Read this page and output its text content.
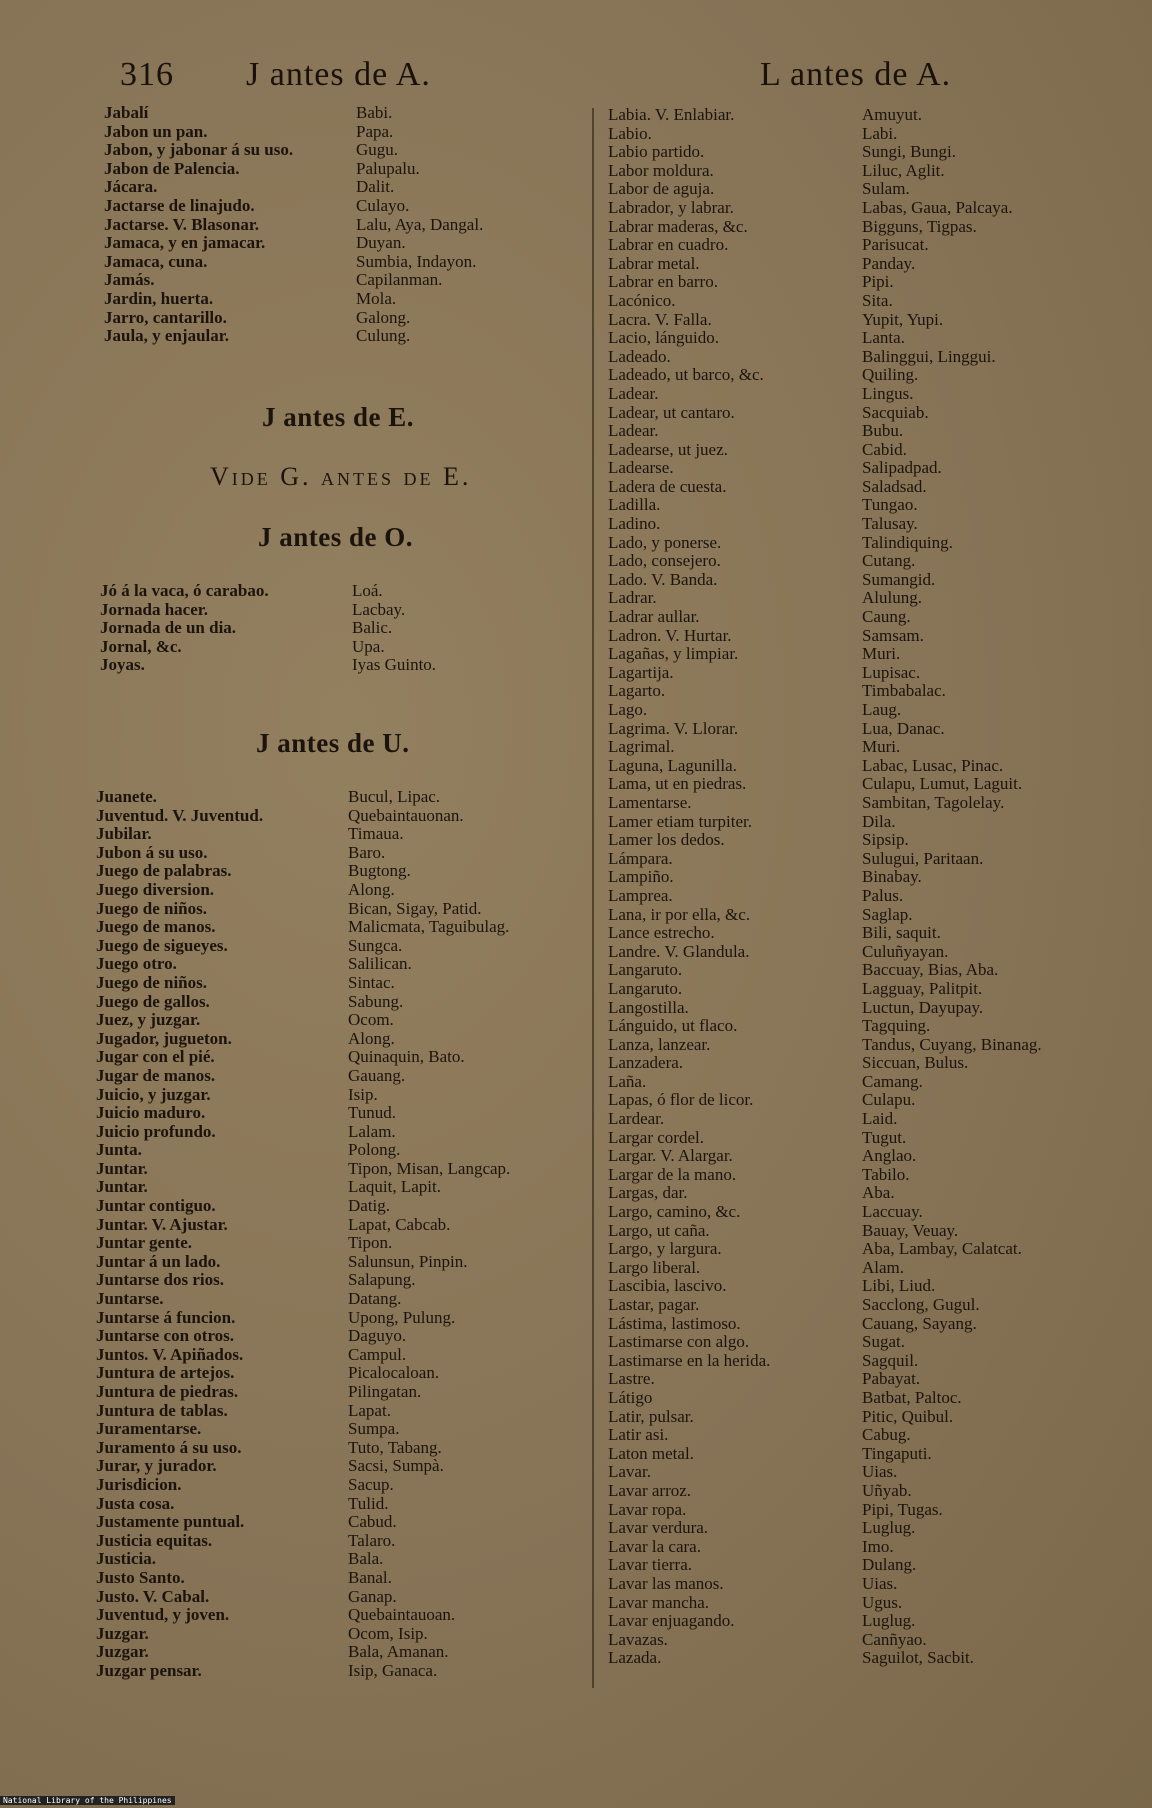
316 J antes de A.	L antes de A.
Jabalí	Babi.
Jabon un pan.	Papa.
Jabon, y jabonar á su uso.	Gugu.
Jabon de Palencia.	Palupalu.
Jácara.	Dalit.
Jactarse de linajudo.	Culayo.
Jactarse. V. Blasonar.	Lalu, Aya, Dangal.
Jamaca, y en jamacar.	Duyan.
Jamaca, cuna.	Sumbia, Indayon.
Jamás.	Capilanman.
Jardin, huerta.	Mola.
Jarro, cantarillo.	Galong.
Jaula, y enjaular.	Culung.
J antes de E.
Vide G. antes de E.
J antes de O.
Jó á la vaca, ó carabao.	Loá.
Jornada hacer.	Lacbay.
Jornada de un dia.	Balic.
Jornal, &c.	Upa.
Joyas.	Iyas Guinto.
J antes de U.
Juanete.	Bucul, Lipac.
Juventud. V. Juventud.	Quebaintauonan.
Jubilar.	Timaua.
Jubon á su uso.	Baro.
Juego de palabras.	Bugtong.
Juego diversion.	Along.
Juego de niños.	Bican, Sigay, Patid.
Juego de manos.	Malicmata, Taguibulag.
Juego de sigueyes.	Sungca.
Juego otro.	Salilican.
Juego de niños.	Sintac.
Juego de gallos.	Sabung.
Juez, y juzgar.	Ocom.
Jugador, jugueton.	Along.
Jugar con el pié.	Quinaquin, Bato.
Jugar de manos.	Gauang.
Juicio, y juzgar.	Isip.
Juicio maduro.	Tunud.
Juicio profundo.	Lalam.
Junta.	Polong.
Juntar.	Tipon, Misan, Langcap.
Juntar.	Laquit, Lapit.
Juntar contiguo.	Datig.
Juntar. V. Ajustar.	Lapat, Cabcab.
Juntar gente.	Tipon.
Juntar á un lado.	Salunsun, Pinpin.
Juntarse dos rios.	Salapung.
Juntarse.	Datang.
Juntarse á funcion.	Upong, Pulung.
Juntarse con otros.	Daguyo.
Juntos. V. Apiñados.	Campul.
Juntura de artejos.	Picalocaloan.
Juntura de piedras.	Pilingatan.
Juntura de tablas.	Lapat.
Juramentarse.	Sumpa.
Juramento á su uso.	Tuto, Tabang.
Jurar, y jurador.	Sacsi, Sumpà.
Jurisdicion.	Sacup.
Justa cosa.	Tulid.
Justamente puntual.	Cabud.
Justicia equitas.	Talaro.
Justicia.	Bala.
Justo Santo.	Banal.
Justo. V. Cabal.	Ganap.
Juventud, y joven.	Quebaintauoan.
Juzgar.	Ocom, Isip.
Juzgar.	Bala, Amanan.
Juzgar pensar.	Isip, Ganaca.
Labia. V. Enlabiar.	Amuyut.
Labio.	Labi.
Labio partido.	Sungi, Bungi.
Labor moldura.	Liluc, Aglit.
Labor de aguja.	Sulam.
Labrador, y labrar.	Labas, Gaua, Palcaya.
Labrar maderas, &c.	Bigguns, Tigpas.
Labrar en cuadro.	Parisucat.
Labrar metal.	Panday.
Labrar en barro.	Pipi.
Lacónico.	Sita.
Lacra. V. Falla.	Yupit, Yupi.
Lacio, lánguido.	Lanta.
Ladeado.	Balinggui, Linggui.
Ladeado, ut barco, &c.	Quiling.
Ladear.	Lingus.
Ladear, ut cantaro.	Sacquiab.
Ladear.	Bubu.
Ladearse, ut juez.	Cabid.
Ladearse.	Salipadpad.
Ladera de cuesta.	Saladsad.
Ladilla.	Tungao.
Ladino.	Talusay.
Lado, y ponerse.	Talindiquing.
Lado, consejero.	Cutang.
Lado. V. Banda.	Sumangid.
Ladrar.	Alulung.
Ladrar aullar.	Caung.
Ladron. V. Hurtar.	Samsam.
Lagañas, y limpiar.	Muri.
Lagartija.	Lupisac.
Lagarto.	Timbabalac.
Lago.	Laug.
Lagrima. V. Llorar.	Lua, Danac.
Lagrimal.	Muri.
Laguna, Lagunilla.	Labac, Lusac, Pinac.
Lama, ut en piedras.	Culapu, Lumut, Laguit.
Lamentarse.	Sambitan, Tagolelay.
Lamer etiam turpiter.	Dila.
Lamer los dedos.	Sipsip.
Lámpara.	Sulugui, Paritaan.
Lampiño.	Binabay.
Lamprea.	Palus.
Lana, ir por ella, &c.	Saglap.
Lance estrecho.	Bili, saquit.
Landre. V. Glandula.	Culuñyayan.
Langaruto.	Baccuay, Bias, Aba.
Langaruto.	Lagguay, Palitpit.
Langostilla.	Luctun, Dayupay.
Lánguido, ut flaco.	Tagquing.
Lanza, lanzear.	Tandus, Cuyang, Binanag.
Lanzadera.	Siccuan, Bulus.
Laña.	Camang.
Lapas, ó flor de licor.	Culapu.
Lardear.	Laid.
Largar cordel.	Tugut.
Largar. V. Alargar.	Anglao.
Largar de la mano.	Tabilo.
Largas, dar.	Aba.
Largo, camino, &c.	Laccuay.
Largo, ut caña.	Bauay, Veuay.
Largo, y largura.	Aba, Lambay, Calatcat.
Largo liberal.	Alam.
Lascibia, lascivo.	Libi, Liud.
Lastar, pagar.	Sacclong, Gugul.
Lástima, lastimoso.	Cauang, Sayang.
Lastimarse con algo.	Sugat.
Lastimarse en la herida.	Sagquil.
Lastre.	Pabayat.
Látigo	Batbat, Paltoc.
Latir, pulsar.	Pitic, Quibul.
Latir asi.	Cabug.
Laton metal.	Tingaputi.
Lavar.	Uias.
Lavar arroz.	Uñyab.
Lavar ropa.	Pipi, Tugas.
Lavar verdura.	Luglug.
Lavar la cara.	Imo.
Lavar tierra.	Dulang.
Lavar las manos.	Uias.
Lavar mancha.	Ugus.
Lavar enjuagando.	Luglug.
Lavazas.	Canñyao.
Lazada.	Saguilot, Sacbit.
National Library of the Philippines
